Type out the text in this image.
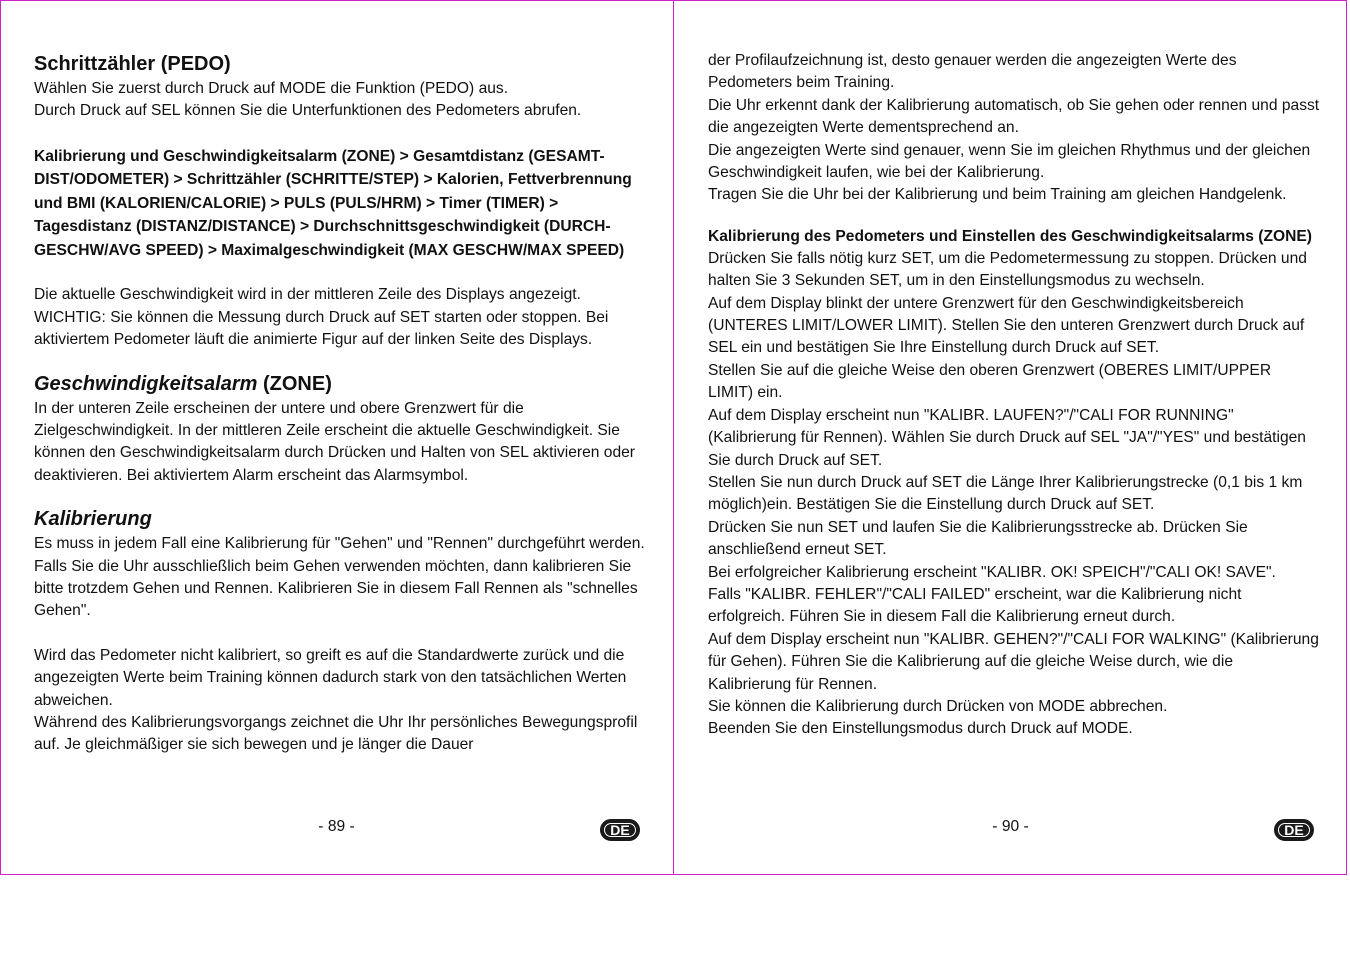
Schrittzähler (PEDO)

Wählen Sie zuerst durch Druck auf MODE die Funktion (PEDO) aus.

Durch Druck auf SEL können Sie die Unterfunktionen des Pedometers abrufen.

Kalibrierung und Geschwindigkeitsalarm (ZONE) > Gesamtdistanz (GESAMT-DIST/ODOMETER) > Schrittzähler (SCHRITTE/STEP) > Kalorien, Fettverbrennung und BMI (KALORIEN/CALORIE) > PULS (PULS/HRM) > Timer (TIMER) > Tagesdistanz (DISTANZ/DISTANCE) > Durchschnittsgeschwindigkeit (DURCH-GESCHW/AVG SPEED) > Maximalgeschwindigkeit (MAX GESCHW/MAX SPEED)

Die aktuelle Geschwindigkeit wird in der mittleren Zeile des Displays angezeigt.

WICHTIG: Sie können die Messung durch Druck auf SET starten oder stoppen. Bei aktiviertem Pedometer läuft die animierte Figur auf der linken Seite des Displays.

Geschwindigkeitsalarm (ZONE)

In der unteren Zeile erscheinen der untere und obere Grenzwert für die Zielgeschwindigkeit. In der mittleren Zeile erscheint die aktuelle Geschwindigkeit. Sie können den Geschwindigkeitsalarm durch Drücken und Halten von SEL aktivieren oder deaktivieren. Bei aktiviertem Alarm erscheint das Alarmsymbol.

Kalibrierung

Es muss in jedem Fall eine Kalibrierung für "Gehen" und "Rennen" durchgeführt werden. Falls Sie die Uhr ausschließlich beim Gehen verwenden möchten, dann kalibrieren Sie bitte trotzdem Gehen und Rennen. Kalibrieren Sie in diesem Fall Rennen als "schnelles Gehen".

Wird das Pedometer nicht kalibriert, so greift es auf die Standardwerte zurück und die angezeigten Werte beim Training können dadurch stark von den tatsächlichen Werten abweichen.

Während des Kalibrierungsvorgangs zeichnet die Uhr Ihr persönliches Bewegungsprofil auf. Je gleichmäßiger sie sich bewegen und je länger die Dauer

- 89 -	DE

der Profilaufzeichnung ist, desto genauer werden die angezeigten Werte des Pedometers beim Training.

Die Uhr erkennt dank der Kalibrierung automatisch, ob Sie gehen oder rennen und passt die angezeigten Werte dementsprechend an.

Die angezeigten Werte sind genauer, wenn Sie im gleichen Rhythmus und der gleichen Geschwindigkeit laufen, wie bei der Kalibrierung.

Tragen Sie die Uhr bei der Kalibrierung und beim Training am gleichen Handgelenk.

Kalibrierung des Pedometers und Einstellen des Geschwindigkeitsalarms (ZONE)

Drücken Sie falls nötig kurz SET, um die Pedometermessung zu stoppen. Drücken und halten Sie 3 Sekunden SET, um in den Einstellungsmodus zu wechseln.

Auf dem Display blinkt der untere Grenzwert für den Geschwindigkeitsbereich (UNTERES LIMIT/LOWER LIMIT). Stellen Sie den unteren Grenzwert durch Druck auf SEL ein und bestätigen Sie Ihre Einstellung durch Druck auf SET.

Stellen Sie auf die gleiche Weise den oberen Grenzwert (OBERES LIMIT/UPPER LIMIT) ein.

Auf dem Display erscheint nun "KALIBR. LAUFEN?"/"CALI FOR RUNNING" (Kalibrierung für Rennen). Wählen Sie durch Druck auf SEL "JA"/"YES" und bestätigen Sie durch Druck auf SET.

Stellen Sie nun durch Druck auf SET die Länge Ihrer Kalibrierungstrecke (0,1 bis 1 km möglich)ein. Bestätigen Sie die Einstellung durch Druck auf SET.

Drücken Sie nun SET und laufen Sie die Kalibrierungsstrecke ab. Drücken Sie anschließend erneut SET.

Bei erfolgreicher Kalibrierung erscheint "KALIBR. OK! SPEICH"/"CALI OK! SAVE".

Falls "KALIBR. FEHLER"/"CALI FAILED" erscheint, war die Kalibrierung nicht erfolgreich. Führen Sie in diesem Fall die Kalibrierung erneut durch.

Auf dem Display erscheint nun "KALIBR. GEHEN?"/"CALI FOR WALKING" (Kalibrierung für Gehen). Führen Sie die Kalibrierung auf die gleiche Weise durch, wie die Kalibrierung für Rennen.

Sie können die Kalibrierung durch Drücken von MODE abbrechen.

Beenden Sie den Einstellungsmodus durch Druck auf MODE.

- 90 -	DE
